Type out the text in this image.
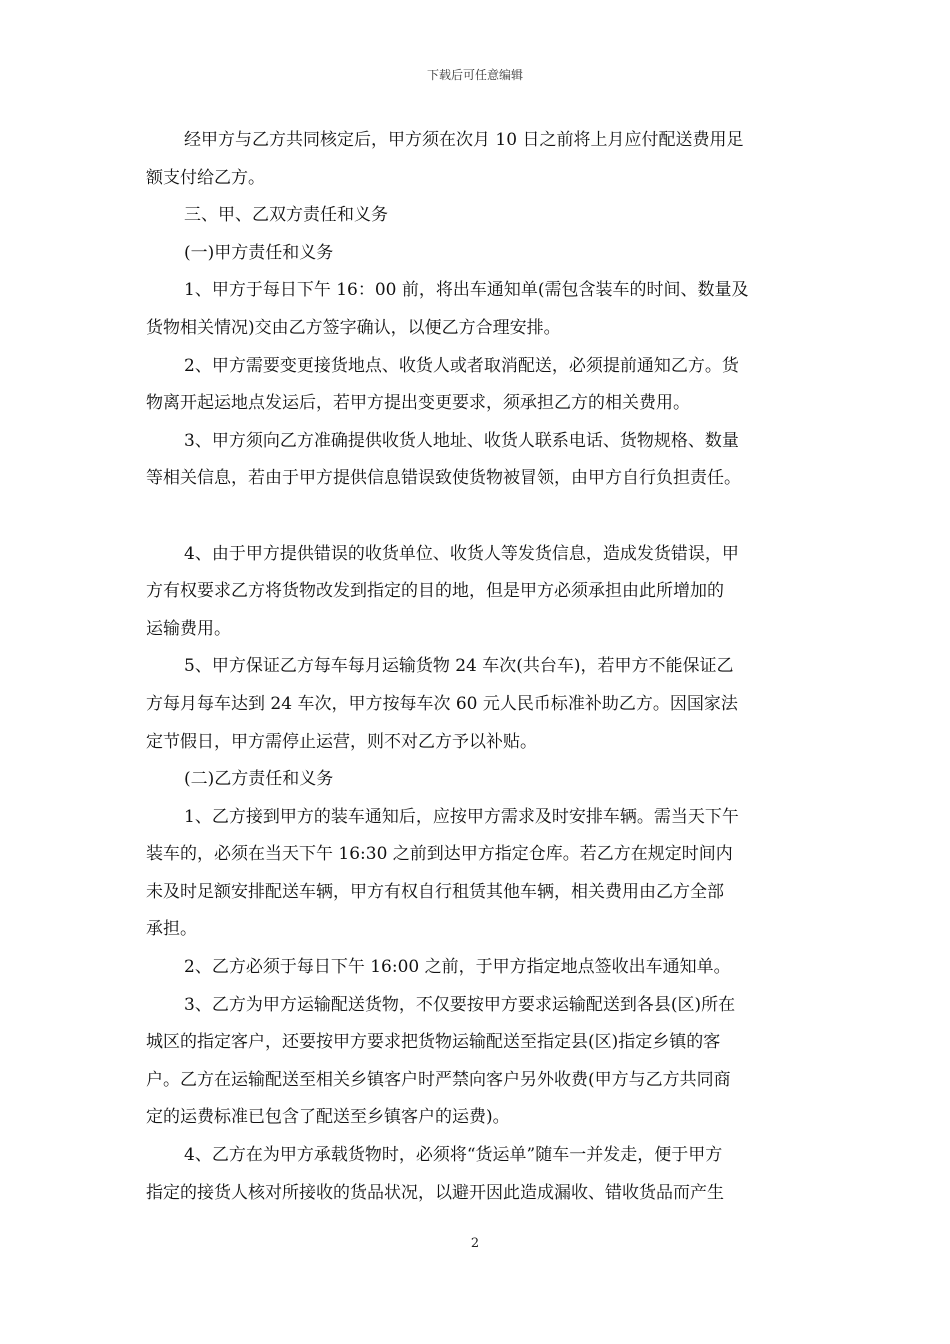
下载后可任意编辑
经甲方与乙方共同核定后，甲方须在次月 10 日之前将上月应付配送费用足
额支付给乙方。
三、甲、乙双方责任和义务
(一)甲方责任和义务
1、甲方于每日下午 16：00 前，将出车通知单(需包含装车的时间、数量及
货物相关情况)交由乙方签字确认，以便乙方合理安排。
2、甲方需要变更接货地点、收货人或者取消配送，必须提前通知乙方。货
物离开起运地点发运后，若甲方提出变更要求，须承担乙方的相关费用。
3、甲方须向乙方准确提供收货人地址、收货人联系电话、货物规格、数量
等相关信息，若由于甲方提供信息错误致使货物被冒领，由甲方自行负担责任。
4、由于甲方提供错误的收货单位、收货人等发货信息，造成发货错误，甲
方有权要求乙方将货物改发到指定的目的地，但是甲方必须承担由此所增加的
运输费用。
5、甲方保证乙方每车每月运输货物 24 车次(共台车)，若甲方不能保证乙
方每月每车达到 24 车次，甲方按每车次 60 元人民币标准补助乙方。因国家法
定节假日，甲方需停止运营，则不对乙方予以补贴。
(二)乙方责任和义务
1、乙方接到甲方的装车通知后，应按甲方需求及时安排车辆。需当天下午
装车的，必须在当天下午 16:30 之前到达甲方指定仓库。若乙方在规定时间内
未及时足额安排配送车辆，甲方有权自行租赁其他车辆，相关费用由乙方全部
承担。
2、乙方必须于每日下午 16:00 之前，于甲方指定地点签收出车通知单。
3、乙方为甲方运输配送货物，不仅要按甲方要求运输配送到各县(区)所在
城区的指定客户，还要按甲方要求把货物运输配送至指定县(区)指定乡镇的客
户。乙方在运输配送至相关乡镇客户时严禁向客户另外收费(甲方与乙方共同商
定的运费标准已包含了配送至乡镇客户的运费)。
4、乙方在为甲方承载货物时，必须将“货运单”随车一并发走，便于甲方
指定的接货人核对所接收的货品状况，以避开因此造成漏收、错收货品而产生
2
